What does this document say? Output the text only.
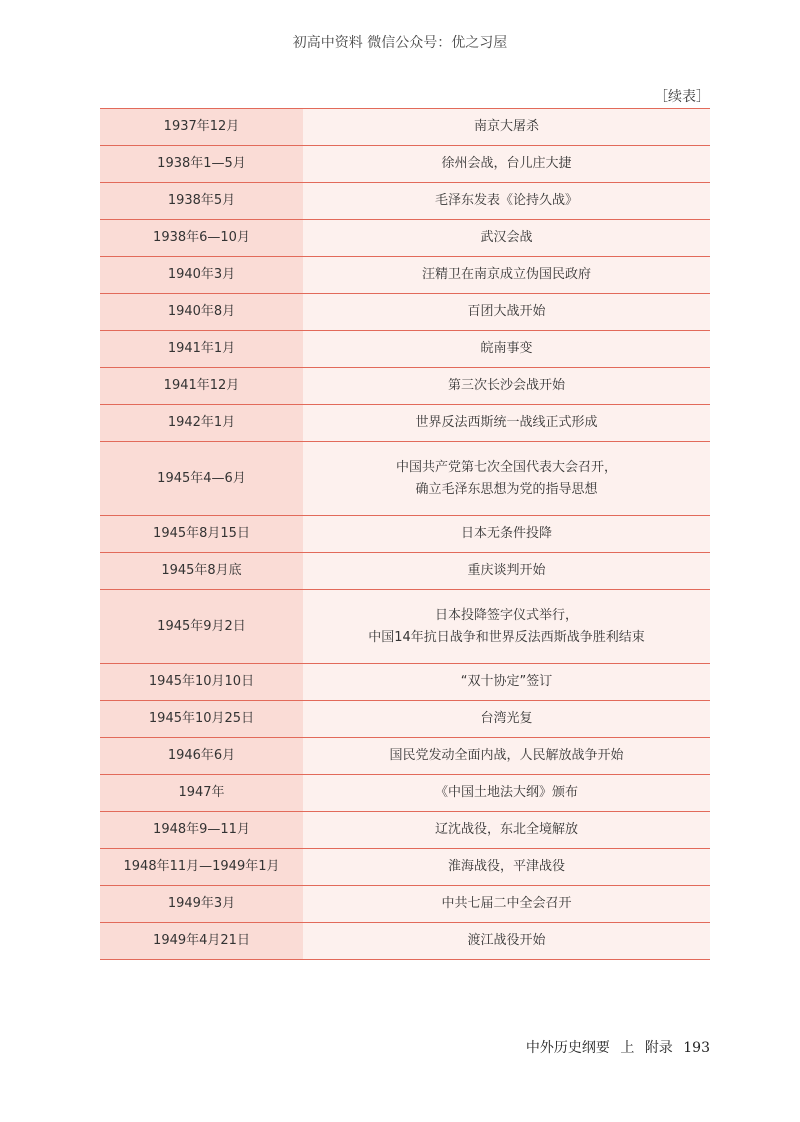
初高中资料 微信公众号：优之习屋
［续表］
1937年12月	南京大屠杀

1938年1—5月	徐州会战，台儿庄大捷

1938年5月	毛泽东发表《论持久战》

1938年6—10月	武汉会战

1940年3月	汪精卫在南京成立伪国民政府

1940年8月	百团大战开始

1941年1月	皖南事变

1941年12月	第三次长沙会战开始

1942年1月	世界反法西斯统一战线正式形成

1945年4—6月	中国共产党第七次全国代表大会召开，
确立毛泽东思想为党的指导思想

1945年8月15日	日本无条件投降

1945年8月底	重庆谈判开始

1945年9月2日	日本投降签字仪式举行，
中国14年抗日战争和世界反法西斯战争胜利结束

1945年10月10日	“双十协定”签订

1945年10月25日	台湾光复

1946年6月	国民党发动全面内战，人民解放战争开始

1947年	《中国土地法大纲》颁布

1948年9—11月	辽沈战役，东北全境解放

1948年11月—1949年1月	淮海战役，平津战役

1949年3月	中共七届二中全会召开

1949年4月21日	渡江战役开始
中外历史纲要 上 附录 193
